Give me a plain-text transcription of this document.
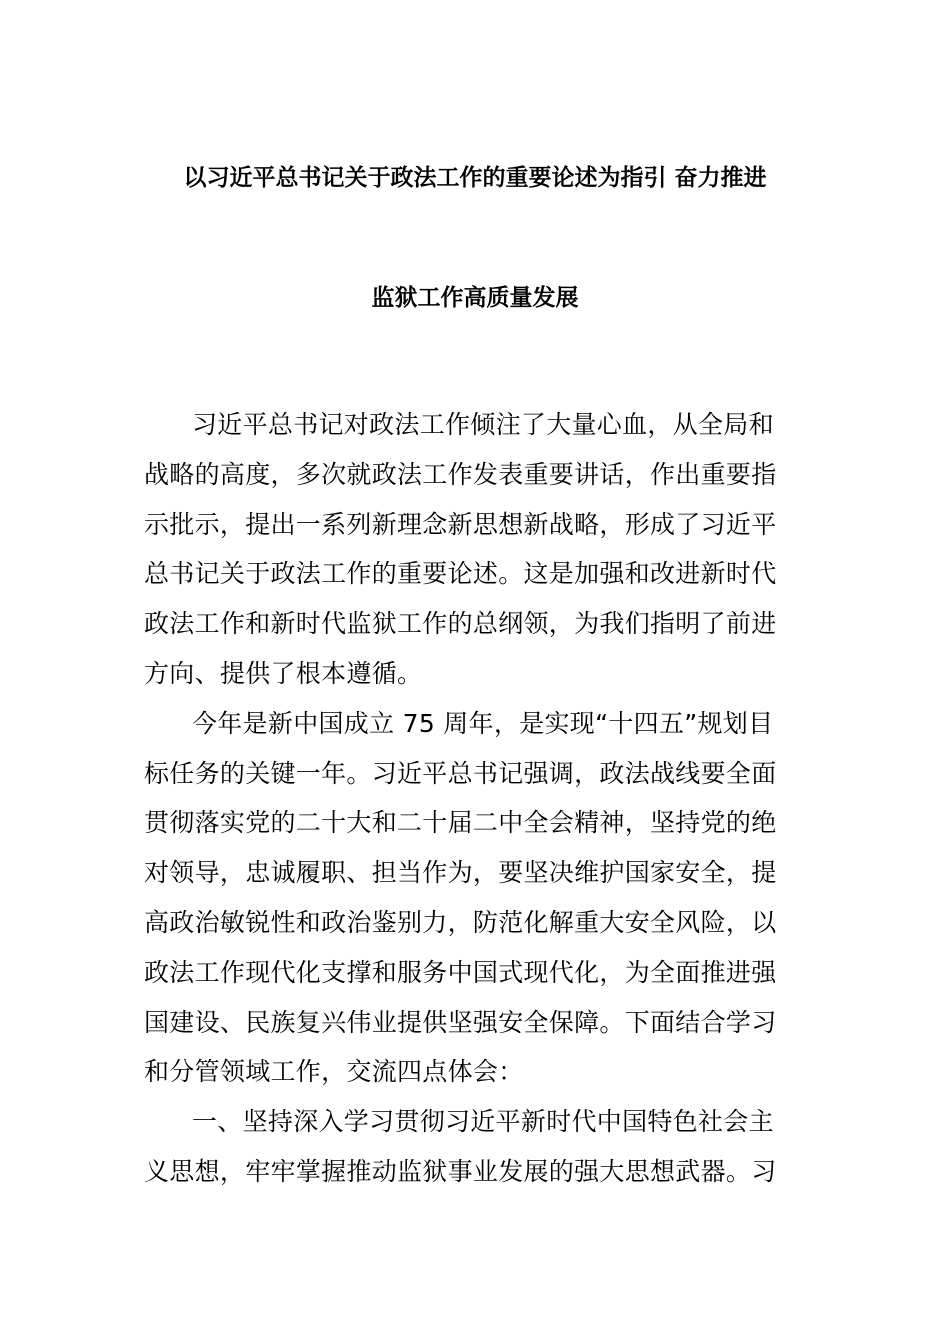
以习近平总书记关于政法工作的重要论述为指引 奋力推进
监狱工作高质量发展

习近平总书记对政法工作倾注了大量心血，从全局和
战略的高度，多次就政法工作发表重要讲话，作出重要指
示批示，提出一系列新理念新思想新战略，形成了习近平
总书记关于政法工作的重要论述。这是加强和改进新时代
政法工作和新时代监狱工作的总纲领，为我们指明了前进
方向、提供了根本遵循。

今年是新中国成立 75 周年，是实现“十四五”规划目
标任务的关键一年。习近平总书记强调，政法战线要全面
贯彻落实党的二十大和二十届二中全会精神，坚持党的绝
对领导，忠诚履职、担当作为，要坚决维护国家安全，提
高政治敏锐性和政治鉴别力，防范化解重大安全风险，以
政法工作现代化支撑和服务中国式现代化，为全面推进强
国建设、民族复兴伟业提供坚强安全保障。下面结合学习
和分管领域工作，交流四点体会：

一、坚持深入学习贯彻习近平新时代中国特色社会主
义思想，牢牢掌握推动监狱事业发展的强大思想武器。习
